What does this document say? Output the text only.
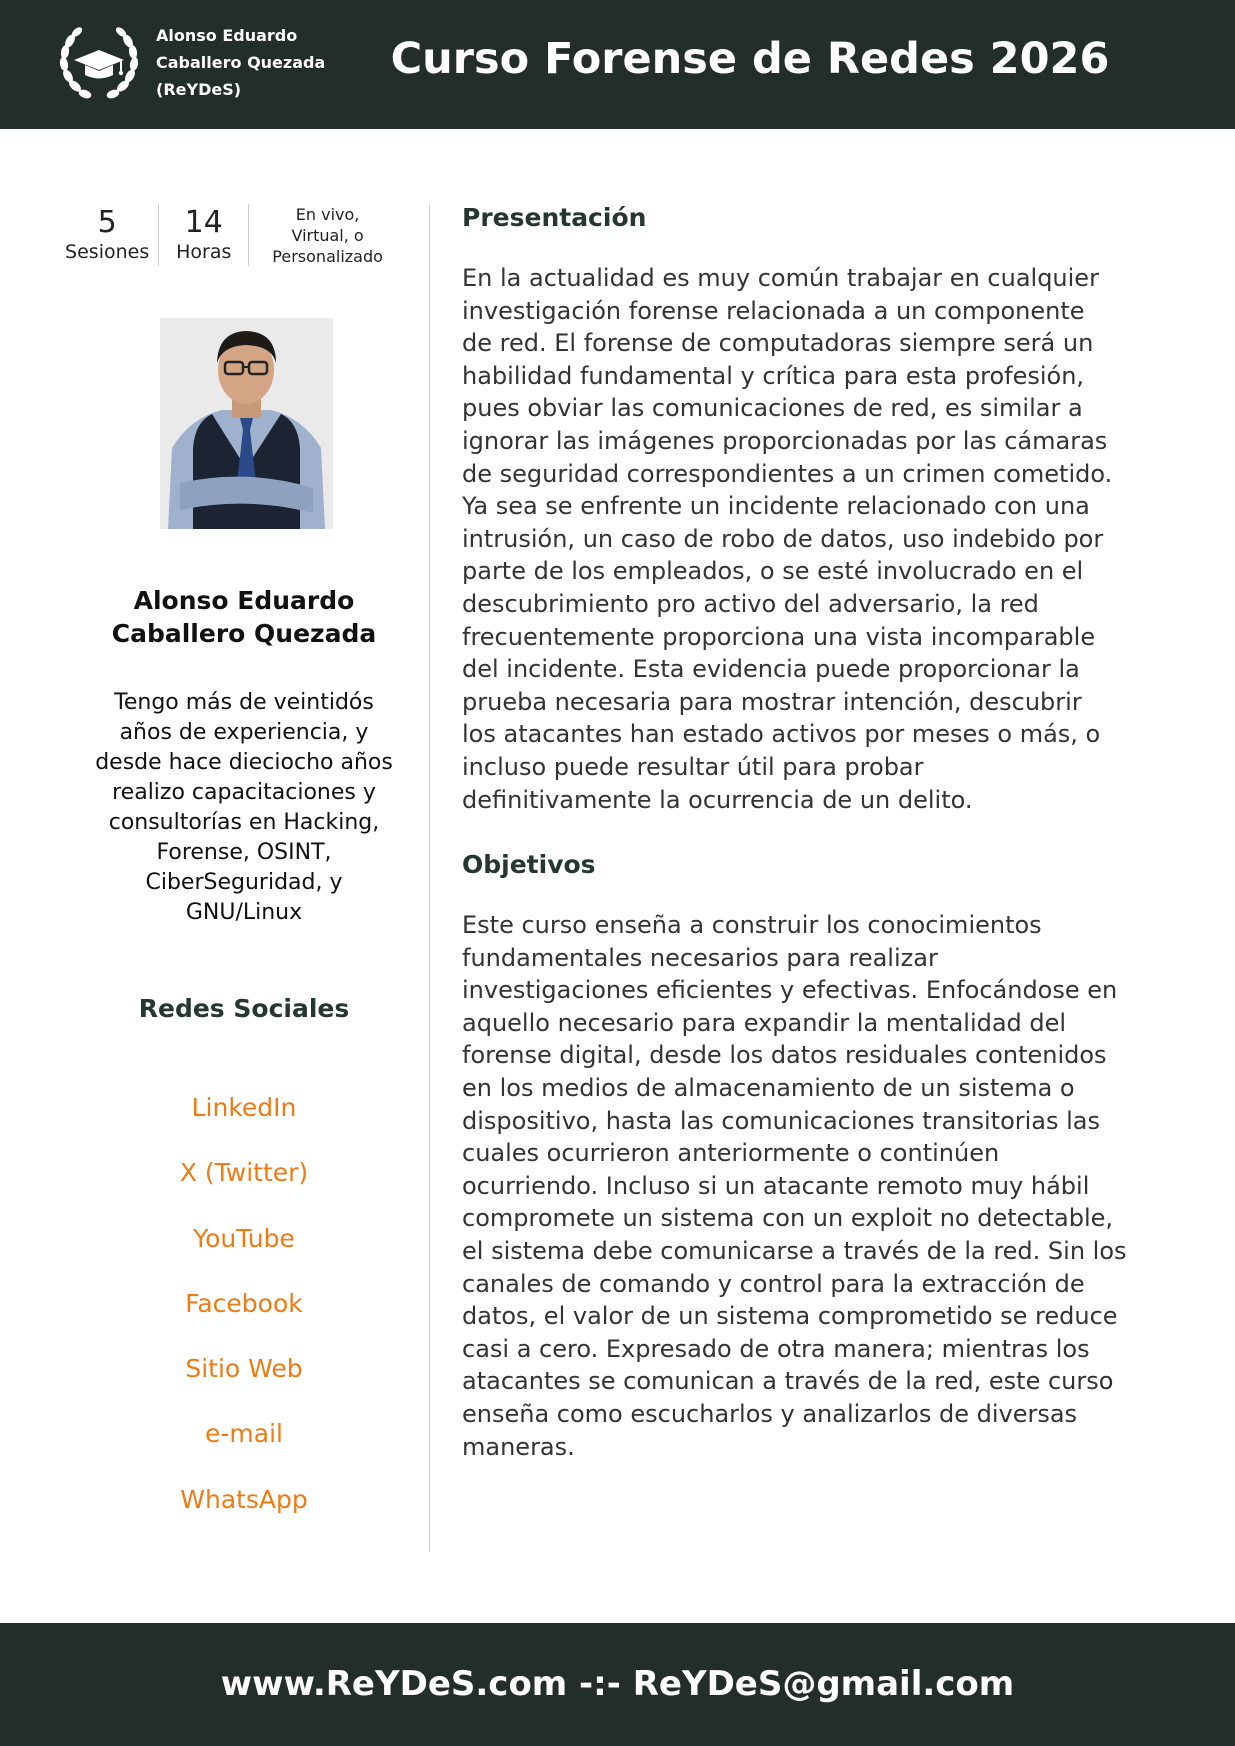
Alonso Eduardo
Caballero Quezada
(ReYDeS)
Curso Forense de Redes 2026
5
Sesiones
14
Horas
En vivo,
Virtual, o
Personalizado
Alonso Eduardo
Caballero Quezada
Tengo más de veintidós
años de experiencia, y
desde hace dieciocho años
realizo capacitaciones y
consultorías en Hacking,
Forense, OSINT,
CiberSeguridad, y
GNU/Linux
Redes Sociales
LinkedIn
X (Twitter)
YouTube
Facebook
Sitio Web
e-mail
WhatsApp
Presentación
En la actualidad es muy común trabajar en cualquier
investigación forense relacionada a un componente
de red. El forense de computadoras siempre será un
habilidad fundamental y crítica para esta profesión,
pues obviar las comunicaciones de red, es similar a
ignorar las imágenes proporcionadas por las cámaras
de seguridad correspondientes a un crimen cometido.
Ya sea se enfrente un incidente relacionado con una
intrusión, un caso de robo de datos, uso indebido por
parte de los empleados, o se esté involucrado en el
descubrimiento pro activo del adversario, la red
frecuentemente proporciona una vista incomparable
del incidente. Esta evidencia puede proporcionar la
prueba necesaria para mostrar intención, descubrir
los atacantes han estado activos por meses o más, o
incluso puede resultar útil para probar
definitivamente la ocurrencia de un delito.
Objetivos
Este curso enseña a construir los conocimientos
fundamentales necesarios para realizar
investigaciones eficientes y efectivas. Enfocándose en
aquello necesario para expandir la mentalidad del
forense digital, desde los datos residuales contenidos
en los medios de almacenamiento de un sistema o
dispositivo, hasta las comunicaciones transitorias las
cuales ocurrieron anteriormente o continúen
ocurriendo. Incluso si un atacante remoto muy hábil
compromete un sistema con un exploit no detectable,
el sistema debe comunicarse a través de la red. Sin los
canales de comando y control para la extracción de
datos, el valor de un sistema comprometido se reduce
casi a cero. Expresado de otra manera; mientras los
atacantes se comunican a través de la red, este curso
enseña como escucharlos y analizarlos de diversas
maneras.
www.ReYDeS.com -:- ReYDeS@gmail.com
